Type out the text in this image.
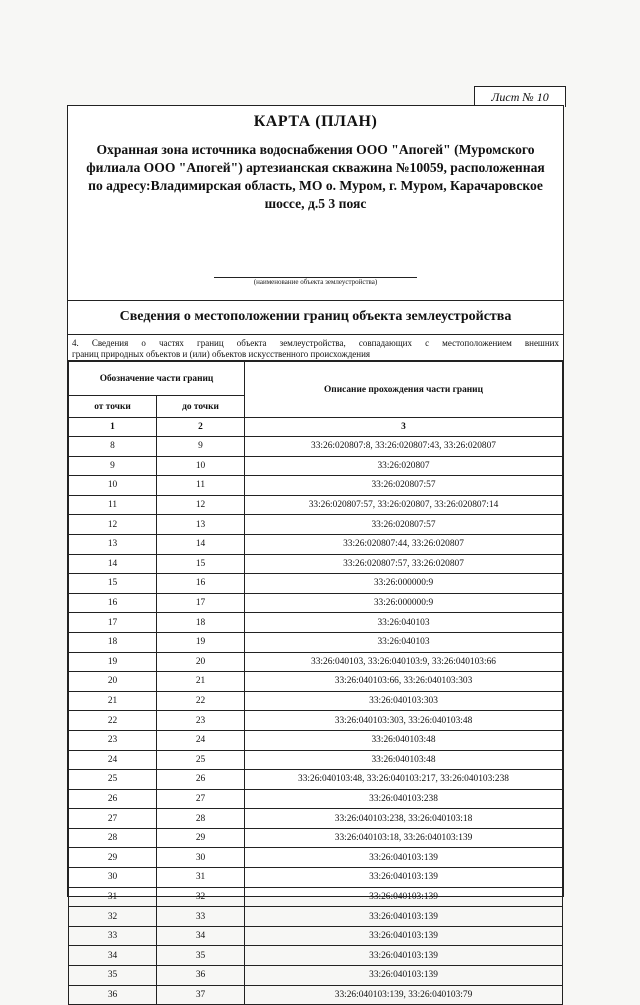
Лист № 10
КАРТА (ПЛАН)
Охранная зона источника водоснабжения ООО "Апогей" (Муромского филиала ООО "Апогей") артезианская скважина №10059, расположенная по адресу:Владимирская область, МО о. Муром, г. Муром, Карачаровское шоссе, д.5 3 пояс
(наименование объекта землеустройства)
Сведения о местоположении границ объекта землеустройства
4. Сведения о частях границ объекта землеустройства, совпадающих с местоположением внешних
границ природных объектов и (или) объектов искусственного происхождения
Обозначение части границ		Описание прохождения части границ
от точки	до точки	
1	2	3
8	9	33:26:020807:8, 33:26:020807:43, 33:26:020807
9	10	33:26:020807
10	11	33:26:020807:57
11	12	33:26:020807:57, 33:26:020807, 33:26:020807:14
12	13	33:26:020807:57
13	14	33:26:020807:44, 33:26:020807
14	15	33:26:020807:57, 33:26:020807
15	16	33:26:000000:9
16	17	33:26:000000:9
17	18	33:26:040103
18	19	33:26:040103
19	20	33:26:040103, 33:26:040103:9, 33:26:040103:66
20	21	33:26:040103:66, 33:26:040103:303
21	22	33:26:040103:303
22	23	33:26:040103:303, 33:26:040103:48
23	24	33:26:040103:48
24	25	33:26:040103:48
25	26	33:26:040103:48, 33:26:040103:217, 33:26:040103:238
26	27	33:26:040103:238
27	28	33:26:040103:238, 33:26:040103:18
28	29	33:26:040103:18, 33:26:040103:139
29	30	33:26:040103:139
30	31	33:26:040103:139
31	32	33:26:040103:139
32	33	33:26:040103:139
33	34	33:26:040103:139
34	35	33:26:040103:139
35	36	33:26:040103:139
36	37	33:26:040103:139, 33:26:040103:79
